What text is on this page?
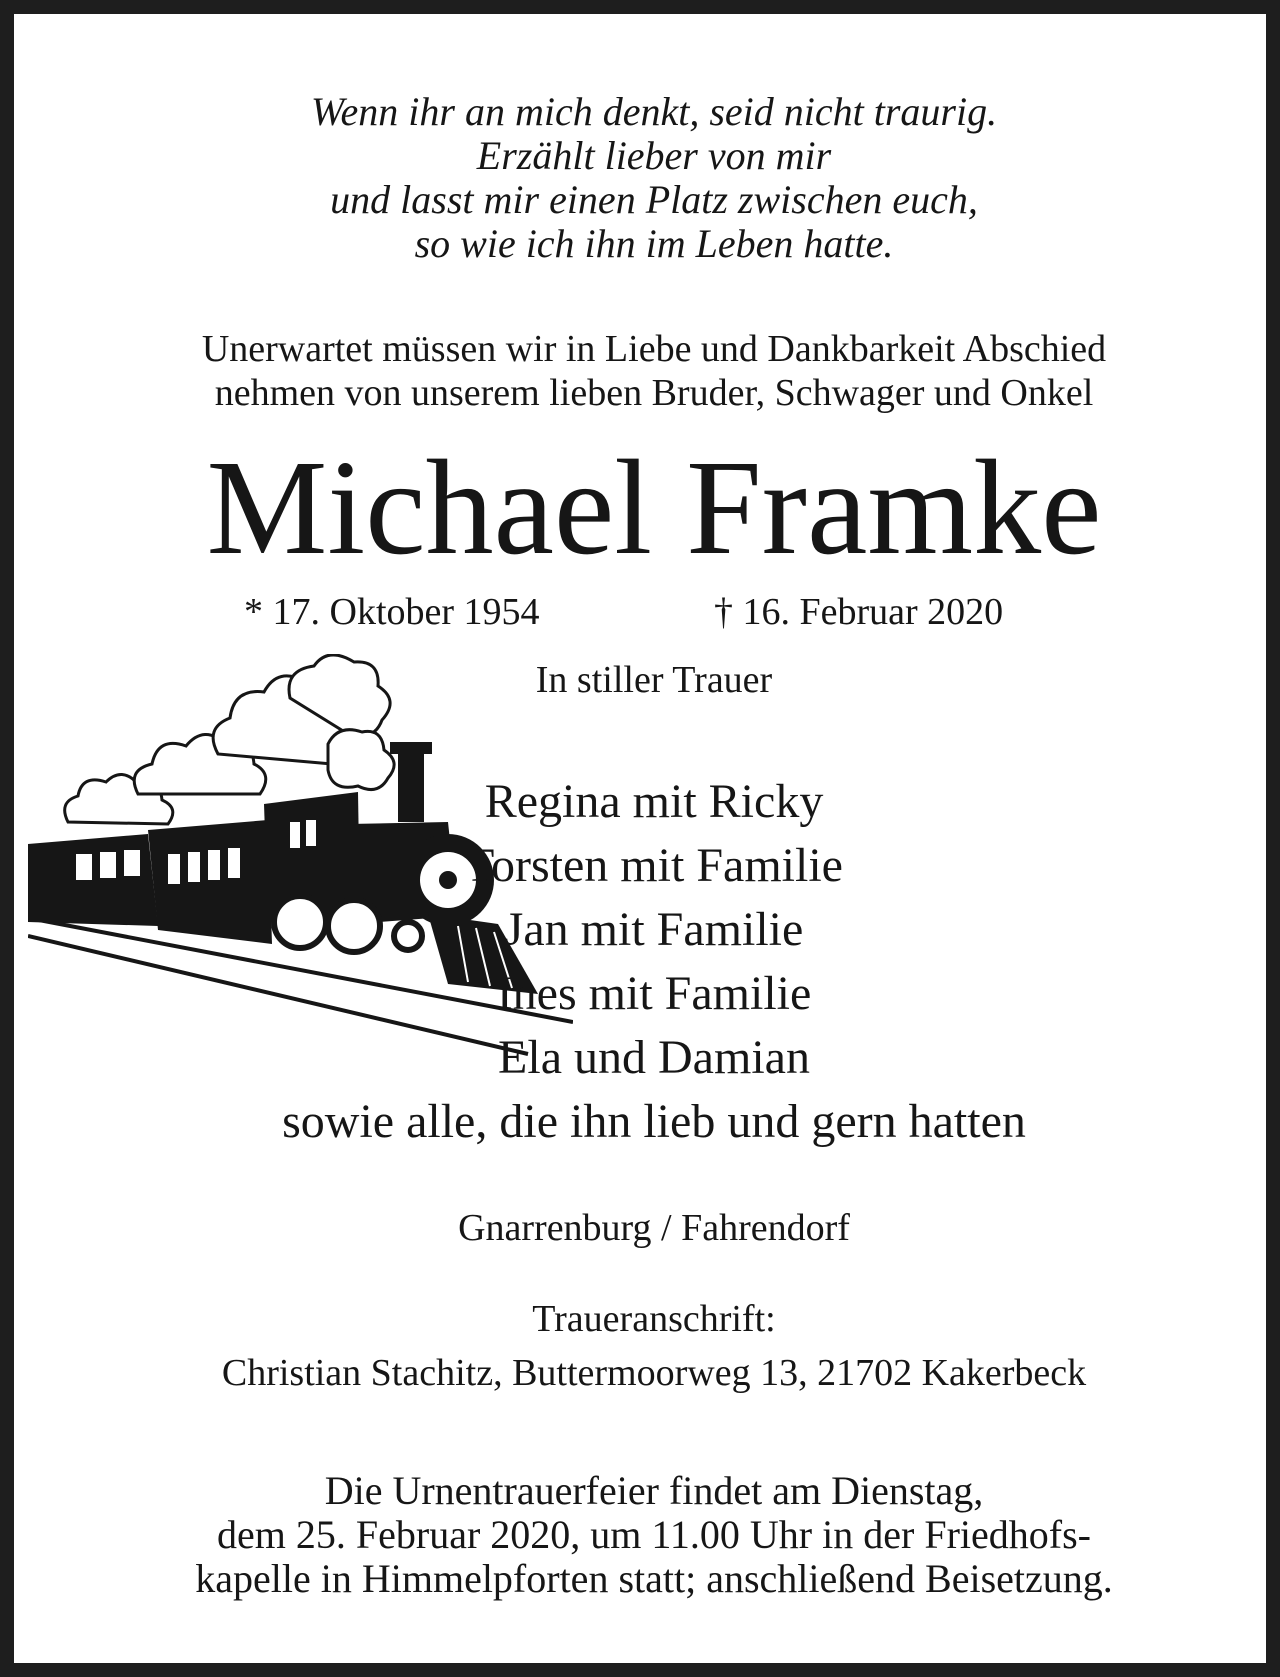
Wenn ihr an mich denkt, seid nicht traurig.
Erzählt lieber von mir
und lasst mir einen Platz zwischen euch,
so wie ich ihn im Leben hatte.
Unerwartet müssen wir in Liebe und Dankbarkeit Abschied
nehmen von unserem lieben Bruder, Schwager und Onkel
Michael Framke
* 17. Oktober 1954	† 16. Februar 2020
In stiller Trauer
Regina mit Ricky
Torsten mit Familie
Jan mit Familie
Ines mit Familie
Ela und Damian
sowie alle, die ihn lieb und gern hatten
Gnarrenburg / Fahrendorf
Traueranschrift:
Christian Stachitz, Buttermoorweg 13, 21702 Kakerbeck
Die Urnentrauerfeier findet am Dienstag,
dem 25. Februar 2020, um 11.00 Uhr in der Friedhofs-
kapelle in Himmelpforten statt; anschließend Beisetzung.
